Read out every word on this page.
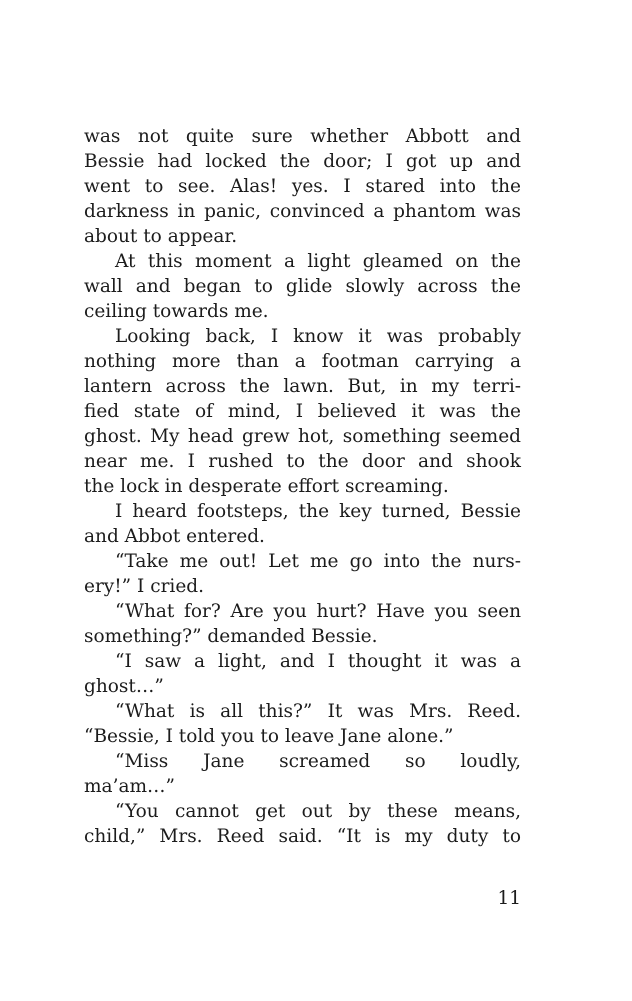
was not quite sure whether Abbott and
Bessie had locked the door; I got up and
went to see. Alas! yes. I stared into the
darkness in panic, convinced a phantom was
about to appear.
At this moment a light gleamed on the
wall and began to glide slowly across the
ceiling towards me.
Looking back, I know it was probably
nothing more than a footman carrying a
lantern across the lawn. But, in my terri-
fied state of mind, I believed it was the
ghost. My head grew hot, something seemed
near me. I rushed to the door and shook
the lock in desperate effort screaming.
I heard footsteps, the key turned, Bessie
and Abbot entered.
“Take me out! Let me go into the nurs-
ery!” I cried.
“What for? Are you hurt? Have you seen
something?” demanded Bessie.
“I saw a light, and I thought it was a
ghost…”
“What is all this?” It was Mrs. Reed.
“Bessie, I told you to leave Jane alone.”
“Miss Jane screamed so loudly,
ma’am…”
“You cannot get out by these means,
child,” Mrs. Reed said. “It is my duty to
11
